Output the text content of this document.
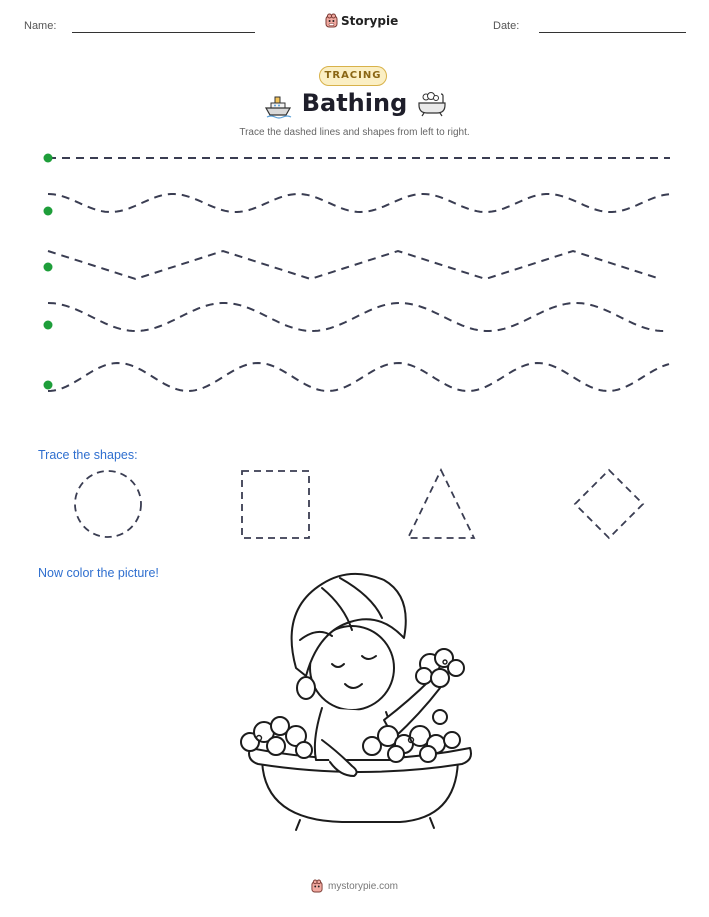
Name:	Storypie	Date:
TRACING
Bathing
Trace the dashed lines and shapes from left to right.
Trace the shapes:
Now color the picture!
mystorypie.com
